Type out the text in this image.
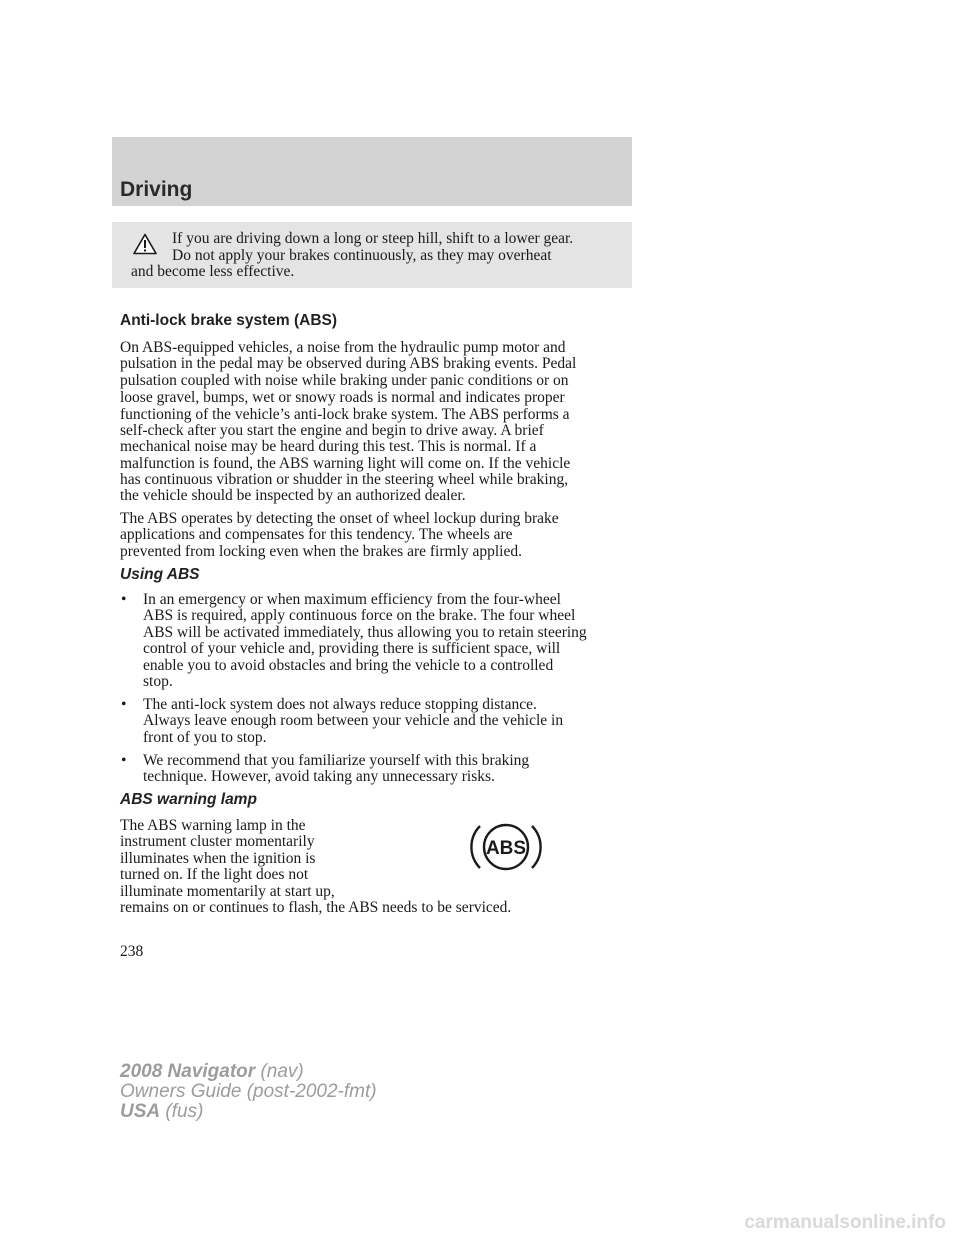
Driving
If you are driving down a long or steep hill, shift to a lower gear.
Do not apply your brakes continuously, as they may overheat
and become less effective.
Anti-lock brake system (ABS)
On ABS-equipped vehicles, a noise from the hydraulic pump motor and
pulsation in the pedal may be observed during ABS braking events. Pedal
pulsation coupled with noise while braking under panic conditions or on
loose gravel, bumps, wet or snowy roads is normal and indicates proper
functioning of the vehicle’s anti-lock brake system. The ABS performs a
self-check after you start the engine and begin to drive away. A brief
mechanical noise may be heard during this test. This is normal. If a
malfunction is found, the ABS warning light will come on. If the vehicle
has continuous vibration or shudder in the steering wheel while braking,
the vehicle should be inspected by an authorized dealer.
The ABS operates by detecting the onset of wheel lockup during brake
applications and compensates for this tendency. The wheels are
prevented from locking even when the brakes are firmly applied.
Using ABS
• In an emergency or when maximum efficiency from the four-wheel
ABS is required, apply continuous force on the brake. The four wheel
ABS will be activated immediately, thus allowing you to retain steering
control of your vehicle and, providing there is sufficient space, will
enable you to avoid obstacles and bring the vehicle to a controlled
stop.
• The anti-lock system does not always reduce stopping distance.
Always leave enough room between your vehicle and the vehicle in
front of you to stop.
• We recommend that you familiarize yourself with this braking
technique. However, avoid taking any unnecessary risks.
ABS warning lamp
The ABS warning lamp in the
instrument cluster momentarily
illuminates when the ignition is
turned on. If the light does not
illuminate momentarily at start up,
remains on or continues to flash, the ABS needs to be serviced.
ABS
238
2008 Navigator (nav)
Owners Guide (post-2002-fmt)
USA (fus)
carmanualsonline.info
